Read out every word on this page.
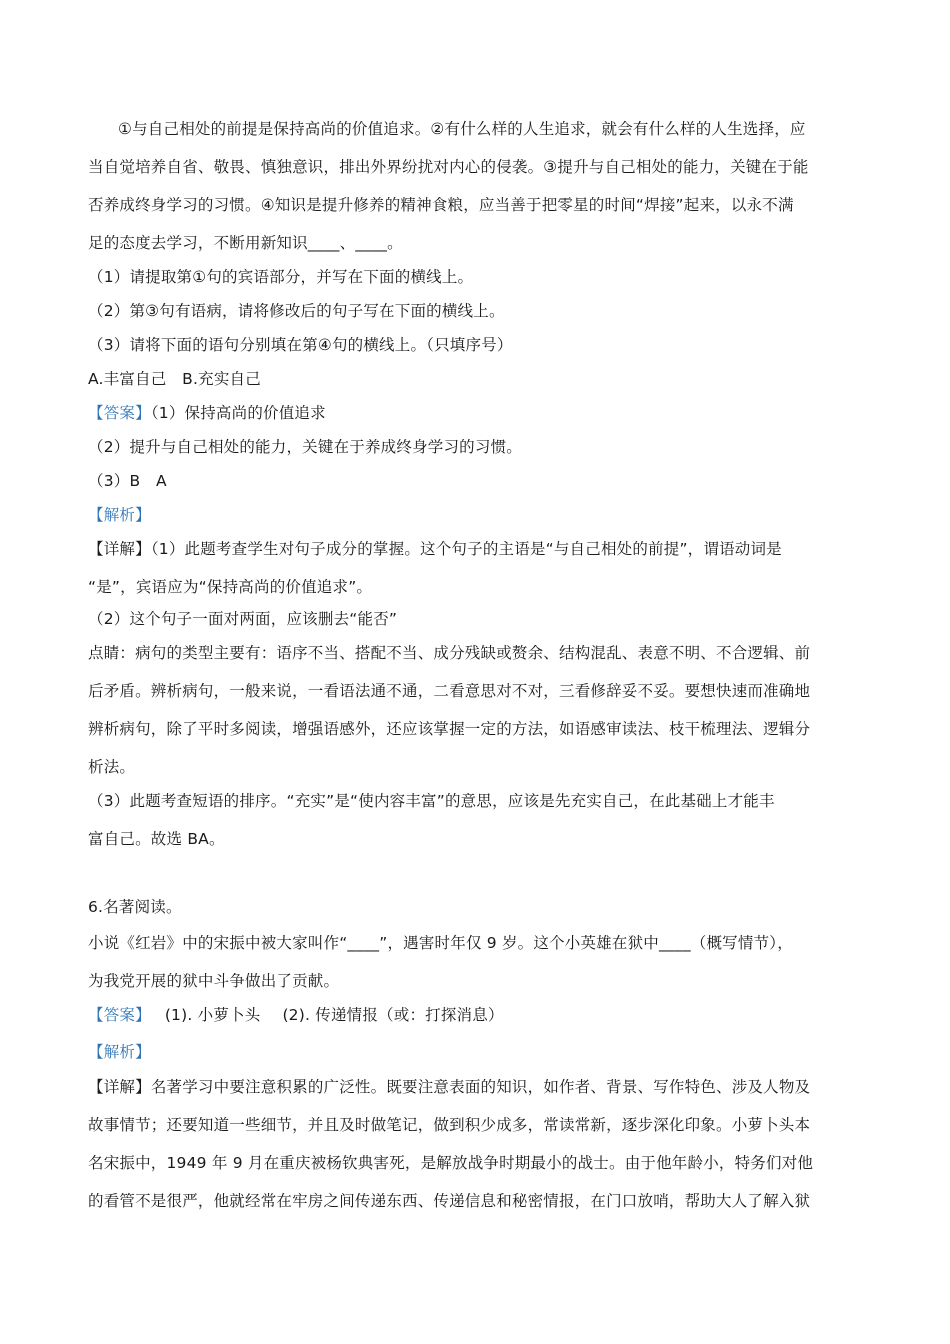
①与自己相处的前提是保持高尚的价值追求。②有什么样的人生追求，就会有什么样的人生选择，应
当自觉培养自省、敬畏、慎独意识，排出外界纷扰对内心的侵袭。③提升与自己相处的能力，关键在于能
否养成终身学习的习惯。④知识是提升修养的精神食粮，应当善于把零星的时间“焊接”起来，以永不满
足的态度去学习，不断用新知识____、____。
（1）请提取第①句的宾语部分，并写在下面的横线上。
（2）第③句有语病，请将修改后的句子写在下面的横线上。
（3）请将下面的语句分别填在第④句的横线上。（只填序号）
A.丰富自己　B.充实自己
【答案】（1）保持高尚的价值追求
（2）提升与自己相处的能力，关键在于养成终身学习的习惯。
（3）B　A
【解析】
【详解】（1）此题考查学生对句子成分的掌握。这个句子的主语是“与自己相处的前提”，谓语动词是
“是”，宾语应为“保持高尚的价值追求”。
（2）这个句子一面对两面，应该删去“能否”
点睛：病句的类型主要有：语序不当、搭配不当、成分残缺或赘余、结构混乱、表意不明、不合逻辑、前
后矛盾。辨析病句，一般来说，一看语法通不通，二看意思对不对，三看修辞妥不妥。要想快速而准确地
辨析病句，除了平时多阅读，增强语感外，还应该掌握一定的方法，如语感审读法、枝干梳理法、逻辑分
析法。
（3）此题考查短语的排序。“充实”是“使内容丰富”的意思，应该是先充实自己，在此基础上才能丰
富自己。故选 BA。
6.名著阅读。
小说《红岩》中的宋振中被大家叫作“____”，遇害时年仅 9 岁。这个小英雄在狱中____（概写情节），
为我党开展的狱中斗争做出了贡献。
【答案】 (1). 小萝卜头 (2). 传递情报（或：打探消息）
【解析】
【详解】名著学习中要注意积累的广泛性。既要注意表面的知识，如作者、背景、写作特色、涉及人物及
故事情节；还要知道一些细节，并且及时做笔记，做到积少成多，常读常新，逐步深化印象。小萝卜头本
名宋振中，1949 年 9 月在重庆被杨钦典害死，是解放战争时期最小的战士。由于他年龄小，特务们对他
的看管不是很严，他就经常在牢房之间传递东西、传递信息和秘密情报，在门口放哨，帮助大人了解入狱
